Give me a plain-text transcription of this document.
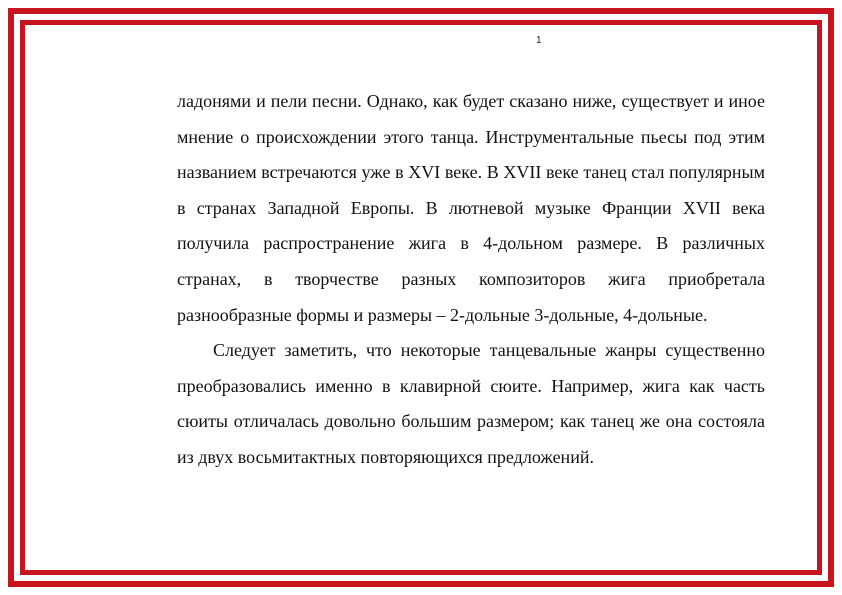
1

ладонями и пели песни. Однако, как будет сказано ниже, существует и иное мнение о происхождении этого танца. Инструментальные пьесы под этим названием встречаются уже в XVI веке. В XVII веке танец стал популярным в странах Западной Европы. В лютневой музыке Франции XVII века получила распространение жига в 4-дольном размере. В различных странах, в творчестве разных композиторов жига приобретала разнообразные формы и размеры – 2-дольные 3-дольные, 4-дольные.

Следует заметить, что некоторые танцевальные жанры существенно преобразовались именно в клавирной сюите. Например, жига как часть сюиты отличалась довольно большим размером; как танец же она состояла из двух восьмитактных повторяющихся предложений.
